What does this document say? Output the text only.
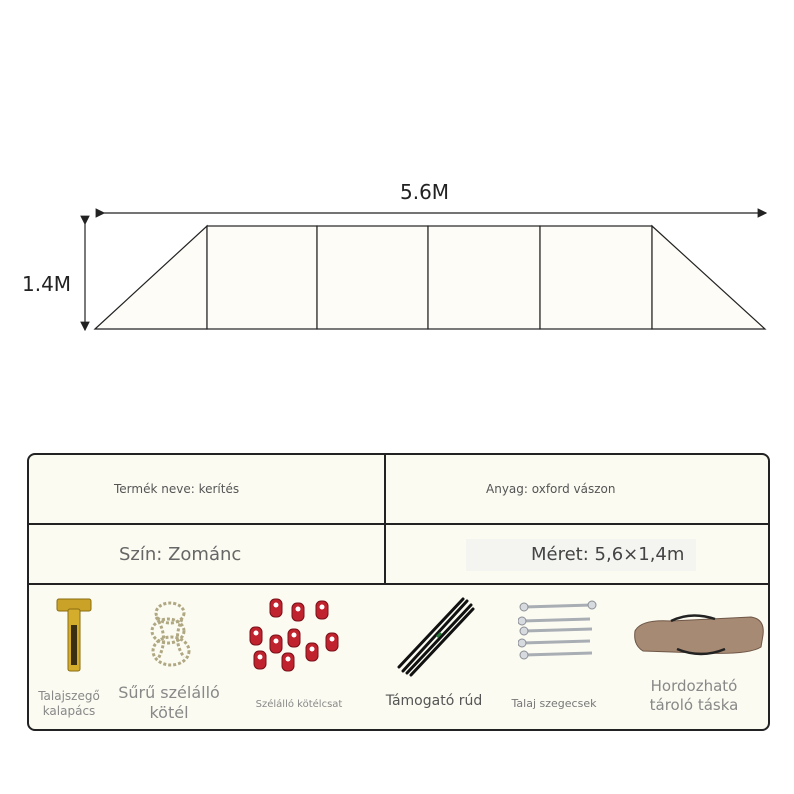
5.6M
1.4M
Termék neve: kerítés	Anyag: oxford vászon
Szín: Zománc	Méret: 5,6×1,4m
Talajszegő
kalapács
Sűrű szélálló
kötél	Szélálló kötélcsat	Támogató rúd	Talaj szegecsek
Hordozható
tároló táska
